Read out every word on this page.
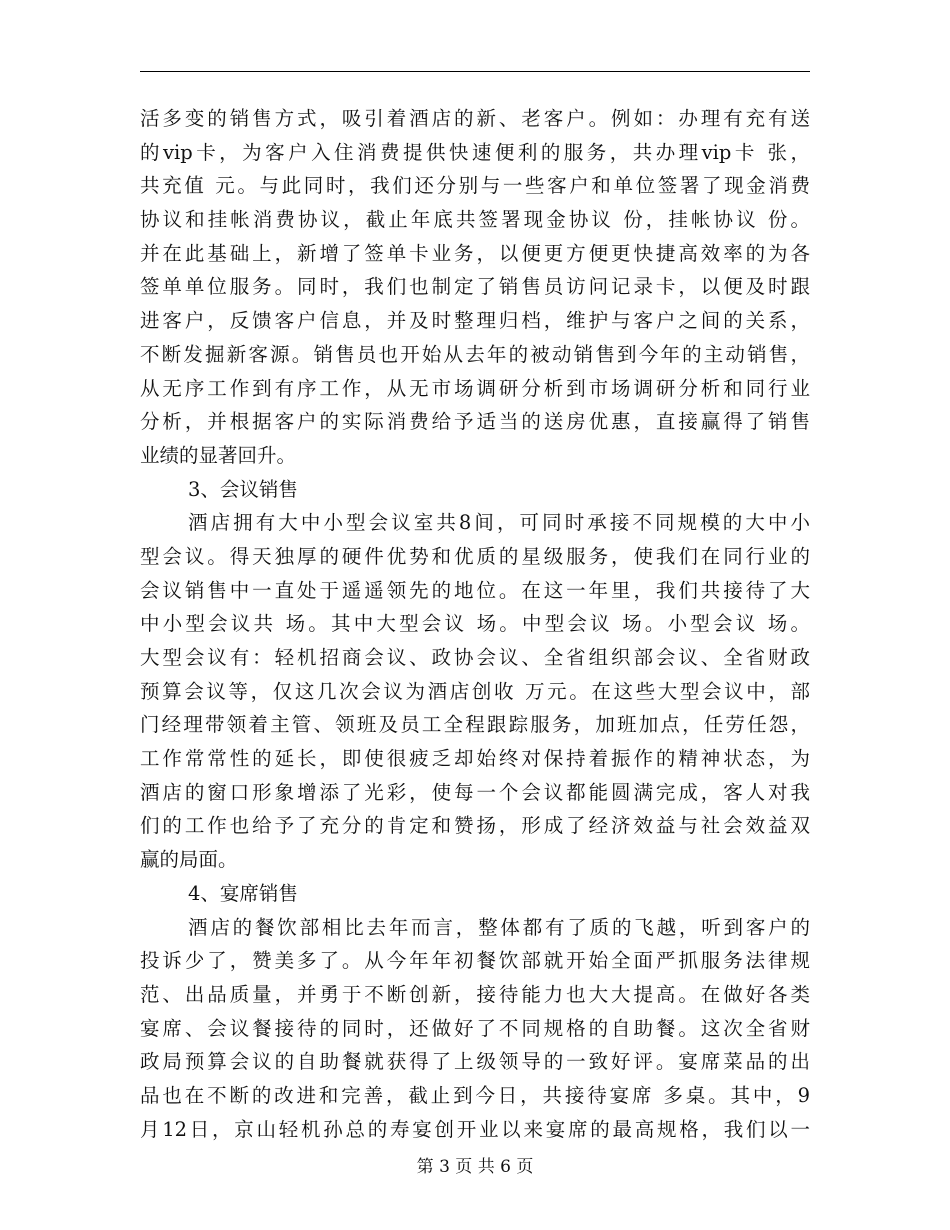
活多变的销售方式，吸引着酒店的新、老客户。例如：办理有充有送
的vip卡，为客户入住消费提供快速便利的服务，共办理vip卡 张，
共充值 元。与此同时，我们还分别与一些客户和单位签署了现金消费
协议和挂帐消费协议，截止年底共签署现金协议 份，挂帐协议 份。
并在此基础上，新增了签单卡业务，以便更方便更快捷高效率的为各
签单单位服务。同时，我们也制定了销售员访问记录卡，以便及时跟
进客户，反馈客户信息，并及时整理归档，维护与客户之间的关系，
不断发掘新客源。销售员也开始从去年的被动销售到今年的主动销售，
从无序工作到有序工作，从无市场调研分析到市场调研分析和同行业
分析，并根据客户的实际消费给予适当的送房优惠，直接赢得了销售
业绩的显著回升。
3、会议销售
酒店拥有大中小型会议室共8间，可同时承接不同规模的大中小
型会议。得天独厚的硬件优势和优质的星级服务，使我们在同行业的
会议销售中一直处于遥遥领先的地位。在这一年里，我们共接待了大
中小型会议共 场。其中大型会议 场。中型会议 场。小型会议 场。
大型会议有：轻机招商会议、政协会议、全省组织部会议、全省财政
预算会议等，仅这几次会议为酒店创收 万元。在这些大型会议中，部
门经理带领着主管、领班及员工全程跟踪服务，加班加点，任劳任怨，
工作常常性的延长，即使很疲乏却始终对保持着振作的精神状态，为
酒店的窗口形象增添了光彩，使每一个会议都能圆满完成，客人对我
们的工作也给予了充分的肯定和赞扬，形成了经济效益与社会效益双
赢的局面。
4、宴席销售
酒店的餐饮部相比去年而言，整体都有了质的飞越，听到客户的
投诉少了，赞美多了。从今年年初餐饮部就开始全面严抓服务法律规
范、出品质量，并勇于不断创新，接待能力也大大提高。在做好各类
宴席、会议餐接待的同时，还做好了不同规格的自助餐。这次全省财
政局预算会议的自助餐就获得了上级领导的一致好评。宴席菜品的出
品也在不断的改进和完善，截止到今日，共接待宴席 多桌。其中，9
月12日，京山轻机孙总的寿宴创开业以来宴席的最高规格，我们以一
第 3 页 共 6 页
